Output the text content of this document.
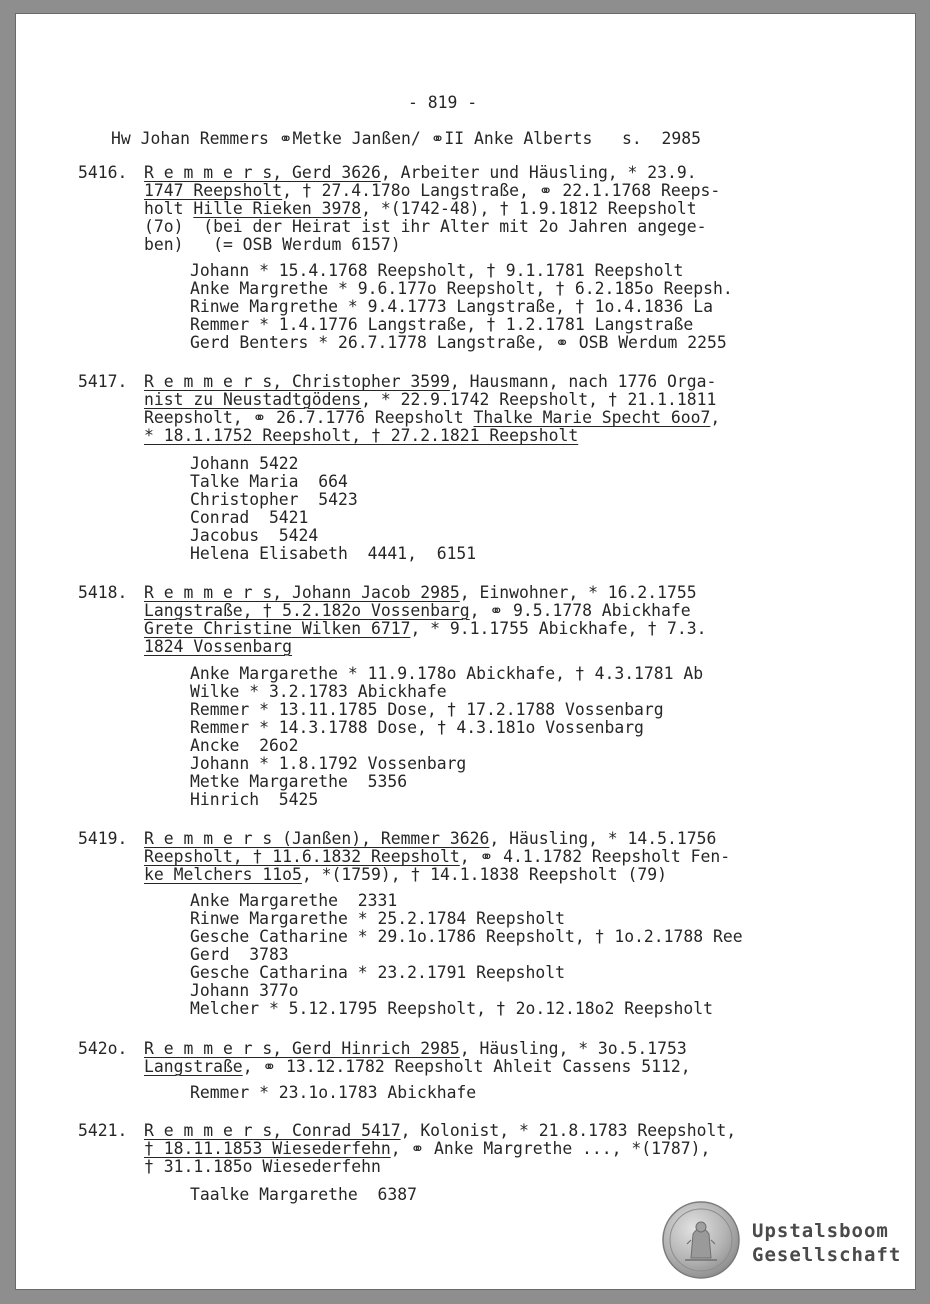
- 819 -
Hw Johan Remmers ⚭Metke Janßen/ ⚭II Anke Alberts   s.  2985
5416. R e m m e r s, Gerd 3626, Arbeiter und Häusling, * 23.9.
1747 Reepsholt, † 27.4.178o Langstraße, ⚭ 22.1.1768 Reeps-
holt Hille Rieken 3978, *(1742-48), † 1.9.1812 Reepsholt
(7o)  (bei der Heirat ist ihr Alter mit 2o Jahren angege-
ben)   (= OSB Werdum 6157)
Johann * 15.4.1768 Reepsholt, † 9.1.1781 Reepsholt
Anke Margrethe * 9.6.177o Reepsholt, † 6.2.185o Reepsh.
Rinwe Margrethe * 9.4.1773 Langstraße, † 1o.4.1836 La
Remmer * 1.4.1776 Langstraße, † 1.2.1781 Langstraße
Gerd Benters * 26.7.1778 Langstraße, ⚭ OSB Werdum 2255
5417. R e m m e r s, Christopher 3599, Hausmann, nach 1776 Orga-
nist zu Neustadtgödens, * 22.9.1742 Reepsholt, † 21.1.1811
Reepsholt, ⚭ 26.7.1776 Reepsholt Thalke Marie Specht 6oo7,
* 18.1.1752 Reepsholt, † 27.2.1821 Reepsholt
Johann 5422
Talke Maria  664
Christopher  5423
Conrad  5421
Jacobus  5424
Helena Elisabeth  4441,  6151
5418. R e m m e r s, Johann Jacob 2985, Einwohner, * 16.2.1755
Langstraße, † 5.2.182o Vossenbarg, ⚭ 9.5.1778 Abickhafe
Grete Christine Wilken 6717, * 9.1.1755 Abickhafe, † 7.3.
1824 Vossenbarg
Anke Margarethe * 11.9.178o Abickhafe, † 4.3.1781 Ab
Wilke * 3.2.1783 Abickhafe
Remmer * 13.11.1785 Dose, † 17.2.1788 Vossenbarg
Remmer * 14.3.1788 Dose, † 4.3.181o Vossenbarg
Ancke  26o2
Johann * 1.8.1792 Vossenbarg
Metke Margarethe  5356
Hinrich  5425
5419. R e m m e r s (Janßen), Remmer 3626, Häusling, * 14.5.1756
Reepsholt, † 11.6.1832 Reepsholt, ⚭ 4.1.1782 Reepsholt Fen-
ke Melchers 11o5, *(1759), † 14.1.1838 Reepsholt (79)
Anke Margarethe  2331
Rinwe Margarethe * 25.2.1784 Reepsholt
Gesche Catharine * 29.1o.1786 Reepsholt, † 1o.2.1788 Ree
Gerd  3783
Gesche Catharina * 23.2.1791 Reepsholt
Johann 377o
Melcher * 5.12.1795 Reepsholt, † 2o.12.18o2 Reepsholt
542o. R e m m e r s, Gerd Hinrich 2985, Häusling, * 3o.5.1753
Langstraße, ⚭ 13.12.1782 Reepsholt Ahleit Cassens 5112,
Remmer * 23.1o.1783 Abickhafe
5421. R e m m e r s, Conrad 5417, Kolonist, * 21.8.1783 Reepsholt,
† 18.11.1853 Wiesederfehn, ⚭ Anke Margrethe ..., *(1787),
† 31.1.185o Wiesederfehn
Taalke Margarethe  6387
Upstalsboom
Gesellschaft
